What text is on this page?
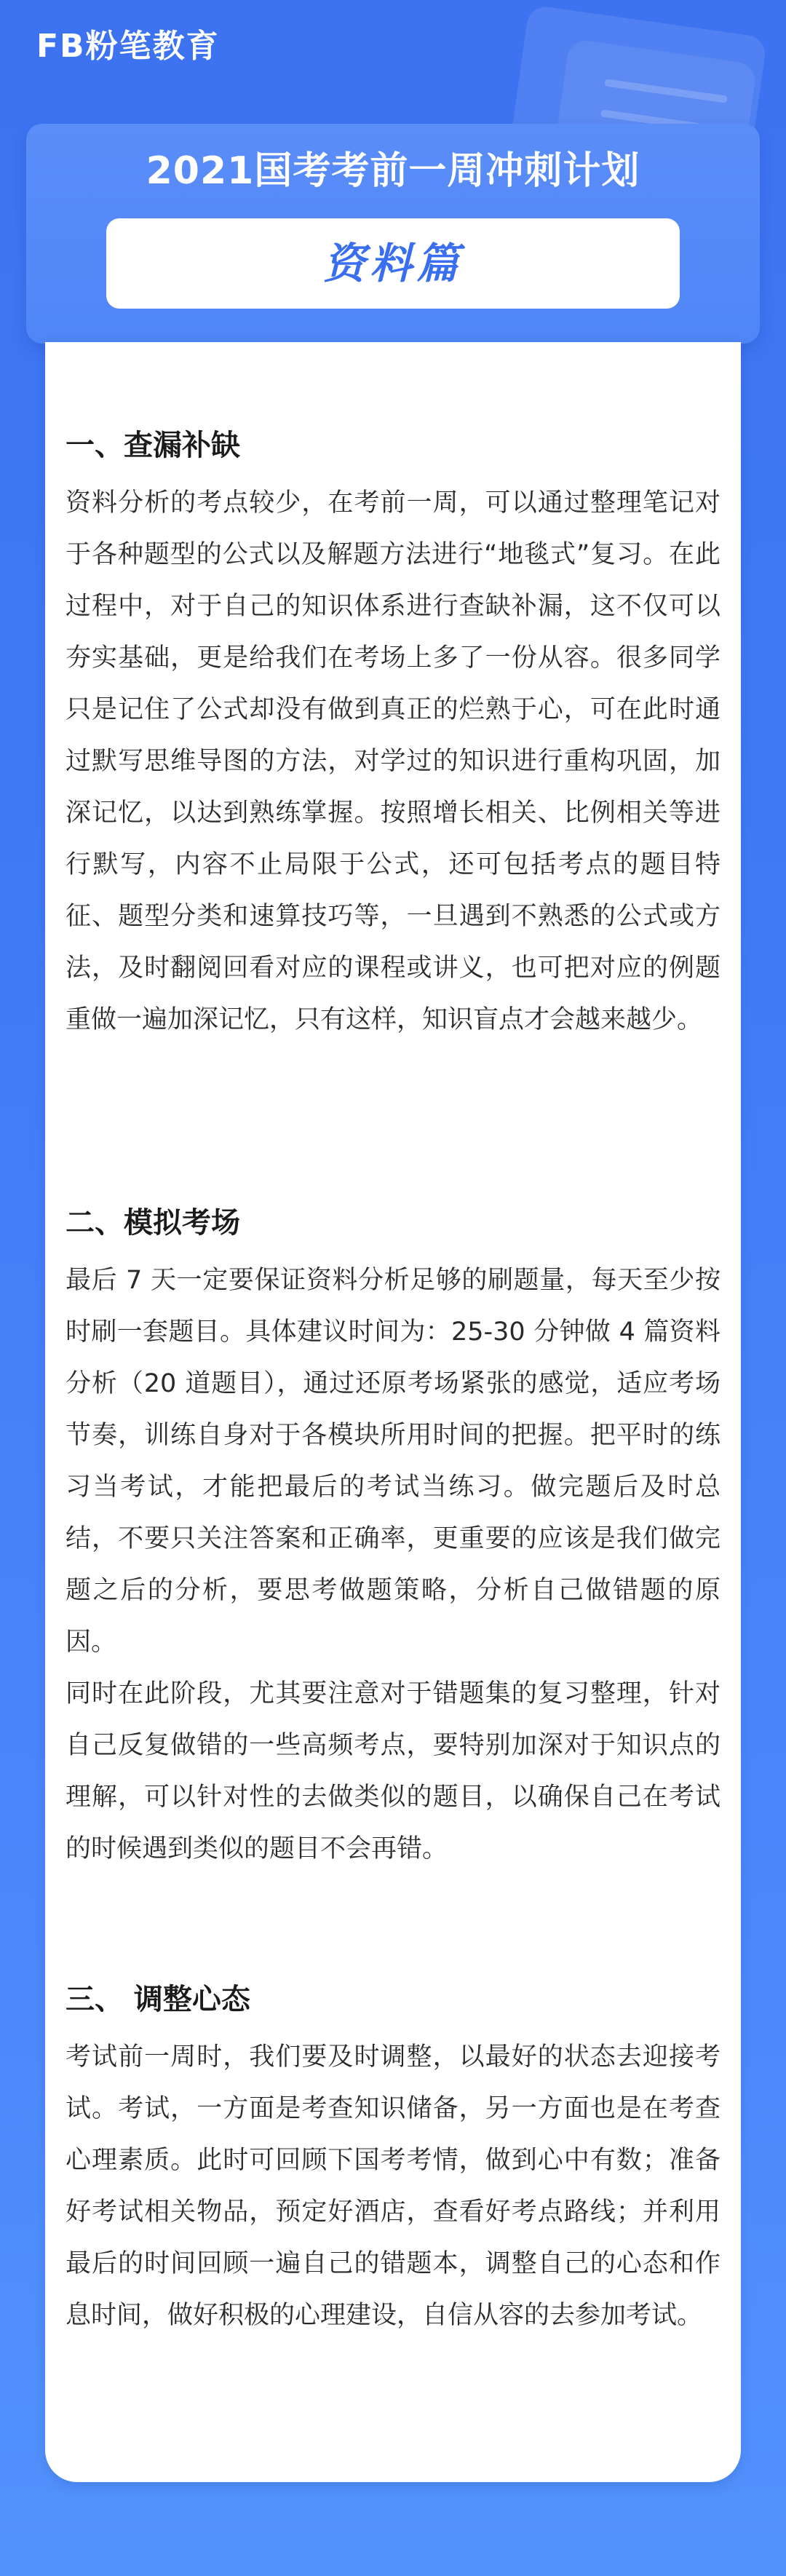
FB粉笔教育
2021国考考前一周冲刺计划
资料篇
一、查漏补缺

资料分析的考点较少，在考前一周，可以通过整理笔记对于各种题型的公式以及解题方法进行“地毯式”复习。在此过程中，对于自己的知识体系进行查缺补漏，这不仅可以夯实基础，更是给我们在考场上多了一份从容。很多同学只是记住了公式却没有做到真正的烂熟于心，可在此时通过默写思维导图的方法，对学过的知识进行重构巩固，加深记忆，以达到熟练掌握。按照增长相关、比例相关等进行默写，内容不止局限于公式，还可包括考点的题目特征、题型分类和速算技巧等，一旦遇到不熟悉的公式或方法，及时翻阅回看对应的课程或讲义，也可把对应的例题重做一遍加深记忆，只有这样，知识盲点才会越来越少。

二、模拟考场

最后 7 天一定要保证资料分析足够的刷题量，每天至少按时刷一套题目。具体建议时间为：25-30 分钟做 4 篇资料分析（20 道题目），通过还原考场紧张的感觉，适应考场节奏，训练自身对于各模块所用时间的把握。把平时的练习当考试，才能把最后的考试当练习。做完题后及时总结，不要只关注答案和正确率，更重要的应该是我们做完题之后的分析，要思考做题策略，分析自己做错题的原因。

同时在此阶段，尤其要注意对于错题集的复习整理，针对自己反复做错的一些高频考点，要特别加深对于知识点的理解，可以针对性的去做类似的题目，以确保自己在考试的时候遇到类似的题目不会再错。

三、 调整心态

考试前一周时，我们要及时调整，以最好的状态去迎接考试。考试，一方面是考查知识储备，另一方面也是在考查心理素质。此时可回顾下国考考情，做到心中有数；准备好考试相关物品，预定好酒店，查看好考点路线；并利用最后的时间回顾一遍自己的错题本，调整自己的心态和作息时间，做好积极的心理建设，自信从容的去参加考试。
